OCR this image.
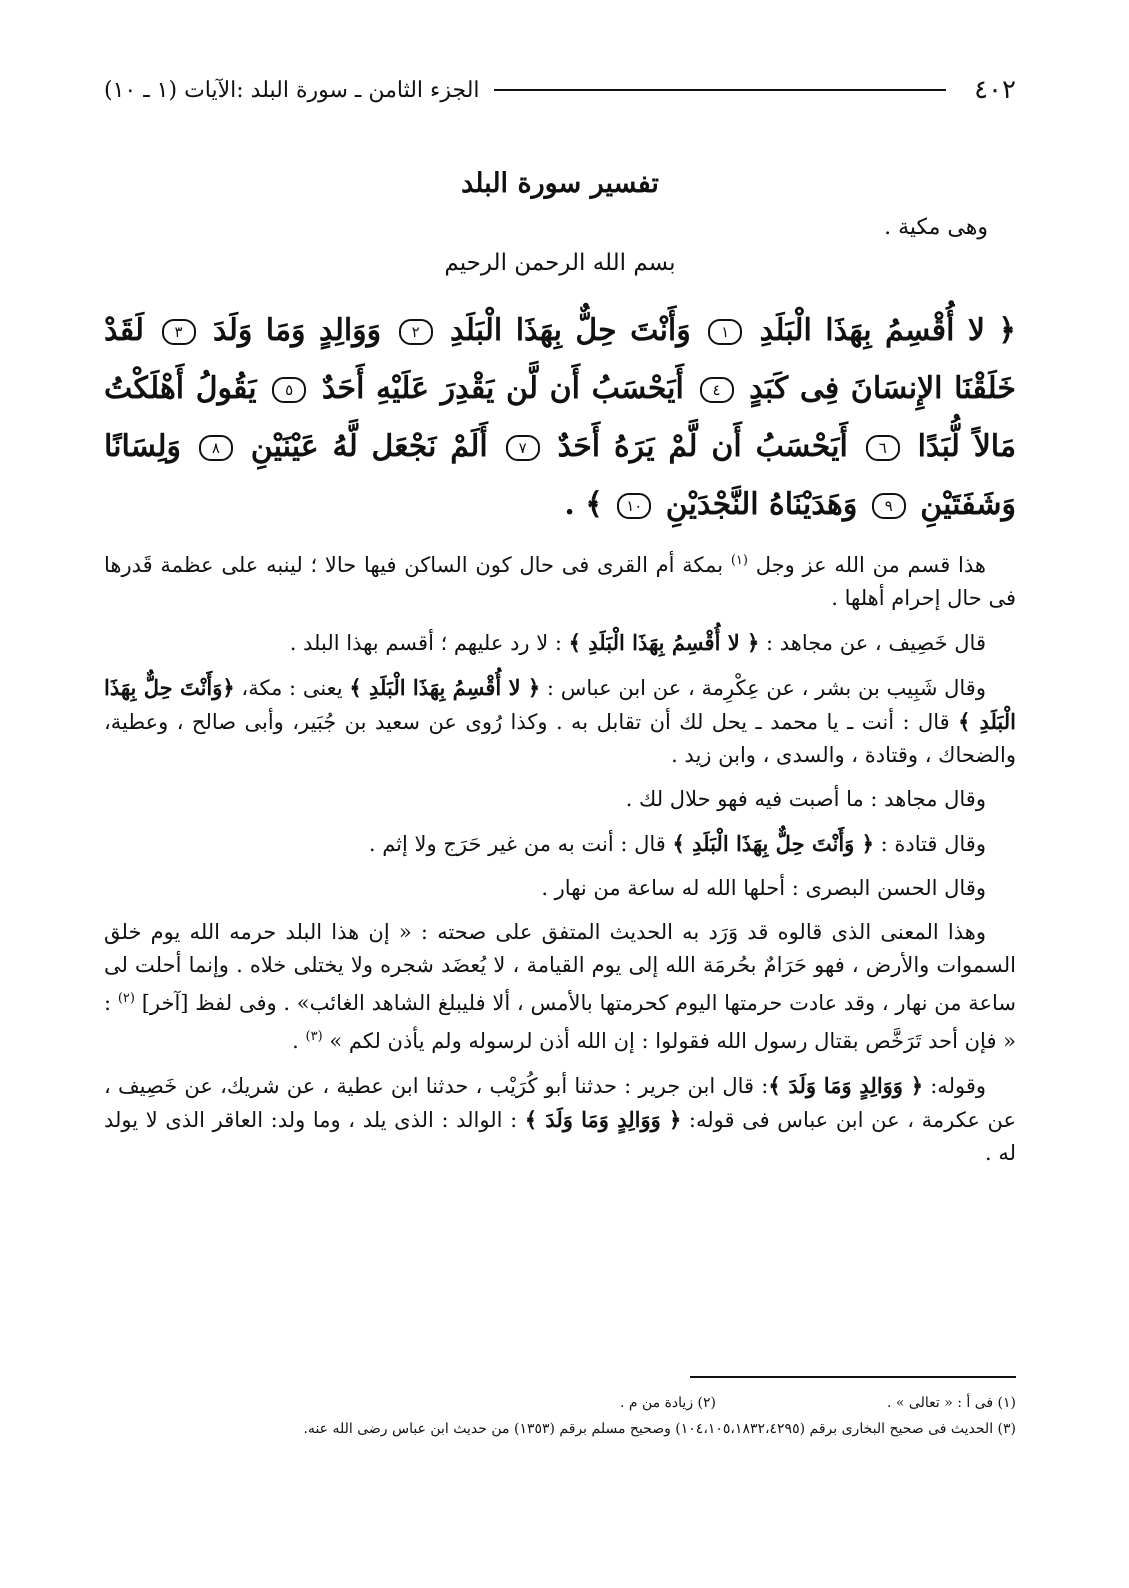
٤٠٢
الجزء الثامن ـ سورة البلد :
الآيات (١ ـ ١٠)
تفسير سورة البلد
وهى مكية .
بسم الله الرحمن الرحيم
﴿ لا أُقْسِمُ بِهَذَا الْبَلَدِ ١ وَأَنْتَ حِلٌّ بِهَذَا الْبَلَدِ ٢ وَوَالِدٍ وَمَا وَلَدَ ٣ لَقَدْ خَلَقْنَا الإِنسَانَ فِى كَبَدٍ ٤ أَيَحْسَبُ أَن لَّن يَقْدِرَ عَلَيْهِ أَحَدٌ ٥ يَقُولُ أَهْلَكْتُ مَالاً لُّبَدًا ٦ أَيَحْسَبُ أَن لَّمْ يَرَهُ أَحَدٌ ٧ أَلَمْ نَجْعَل لَّهُ عَيْنَيْنِ ٨ وَلِسَانًا وَشَفَتَيْنِ ٩ وَهَدَيْنَاهُ النَّجْدَيْنِ ١٠ ﴾ .

هذا قسم من الله عز وجل $^{(١)}$ بمكة أم القرى فى حال كون الساكن فيها حالا ؛ لينبه على عظمة قَدرها فى حال إحرام أهلها .

قال خَصِيف ، عن مجاهد : ﴿ لا أُقْسِمُ بِهَذَا الْبَلَدِ ﴾ : لا رد عليهم ؛ أقسم بهذا البلد .

وقال شَبِيب بن بشر ، عن عِكْرِمة ، عن ابن عباس : ﴿ لا أُقْسِمُ بِهَذَا الْبَلَدِ ﴾ يعنى : مكة، ﴿وَأَنْتَ حِلٌّ بِهَذَا الْبَلَدِ ﴾ قال : أنت ـ يا محمد ـ يحل لك أن تقابل به . وكذا رُوى عن سعيد بن جُبَير، وأبى صالح ، وعطية، والضحاك ، وقتادة ، والسدى ، وابن زيد .

وقال مجاهد : ما أصبت فيه فهو حلال لك .

وقال قتادة : ﴿ وَأَنْتَ حِلٌّ بِهَذَا الْبَلَدِ ﴾ قال : أنت به من غير حَرَج ولا إثم .

وقال الحسن البصرى : أحلها الله له ساعة من نهار .

وهذا المعنى الذى قالوه قد وَرَد به الحديث المتفق على صحته : « إن هذا البلد حرمه الله يوم خلق السموات والأرض ، فهو حَرَامٌ بحُرمَة الله إلى يوم القيامة ، لا يُعضَد شجره ولا يختلى خلاه . وإنما أحلت لى ساعة من نهار ، وقد عادت حرمتها اليوم كحرمتها بالأمس ، ألا فليبلغ الشاهد الغائب» . وفى لفظ [آخر] $^{(٢)}$ : « فإن أحد تَرَخَّص بقتال رسول الله فقولوا : إن الله أذن لرسوله ولم يأذن لكم » $^{(٣)}$ .

وقوله: ﴿ وَوَالِدٍ وَمَا وَلَدَ ﴾: قال ابن جرير : حدثنا أبو كُرَيْب ، حدثنا ابن عطية ، عن شريك، عن خَصِيف ، عن عكرمة ، عن ابن عباس فى قوله: ﴿ وَوَالِدٍ وَمَا وَلَدَ ﴾ : الوالد : الذى يلد ، وما ولد: العاقر الذى لا يولد له .

(١) فى أ : « تعالى » .
(٢) زيادة من م .
(٣) الحديث فى صحيح البخارى برقم (١٠٤،١٠٥،١٨٣٢،٤٢٩٥) وصحيح مسلم برقم (١٣٥٣) من حديث ابن عباس رضى الله عنه.
